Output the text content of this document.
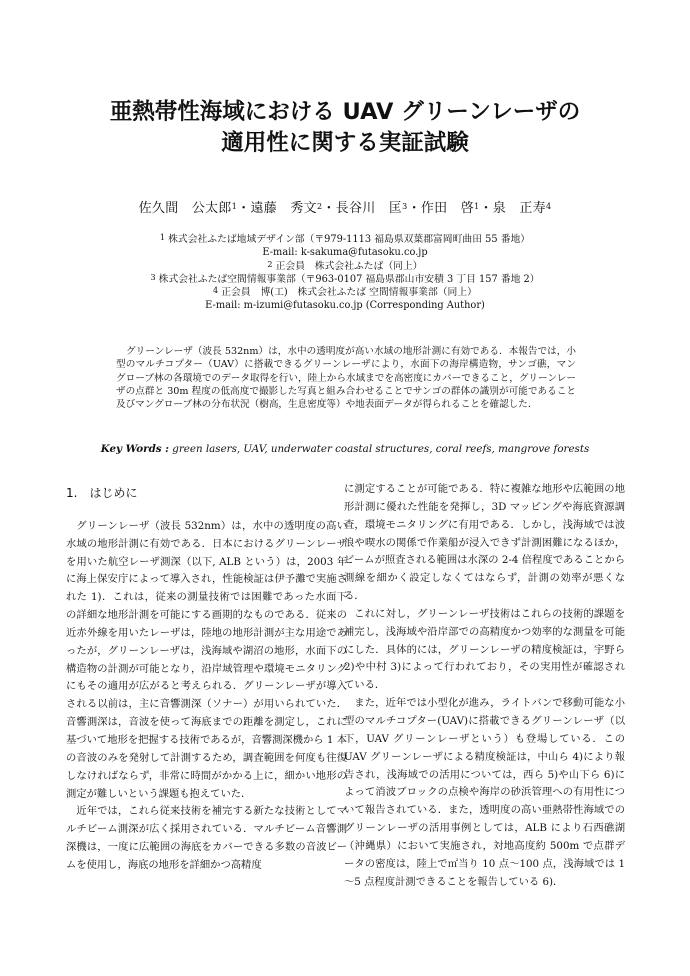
亜熱帯性海域における UAV グリーンレーザの
適用性に関する実証試験
佐久間　公太郎$^1$・遠藤　秀文$^2$・長谷川　匡$^3$・作田　啓$^1$・泉　正寿$^4$
$^1$ 株式会社ふたば地域デザイン部（〒979-1113 福島県双葉郡富岡町曲田 55 番地）
E-mail: k-sakuma@futasoku.co.jp
$^2$ 正会員　株式会社ふたば（同上）
$^3$ 株式会社ふたば空間情報事業部（〒963-0107 福島県郡山市安積 3 丁目 157 番地 2）
$^4$ 正会員　博(工)　株式会社ふたば 空間情報事業部（同上）
E-mail: m-izumi@futasoku.co.jp (Corresponding Author)
グリーンレーザ（波長 532nm）は，水中の透明度が高い水域の地形計測に有効である．本報告では，小型のマルチコプター（UAV）に搭載できるグリーンレーザにより，水面下の海岸構造物，サンゴ礁，マングローブ林の各環境でのデータ取得を行い，陸上から水域までを高密度にカバーできること，グリーンレーザの点群と 30m 程度の低高度で撮影した写真と組み合わせることでサンゴの群体の識別が可能であること及びマングローブ林の分布状況（樹高，生息密度等）や地表面データが得られることを確認した．
Key Words : green lasers, UAV, underwater coastal structures, coral reefs, mangrove forests
1. はじめに

グリーンレーザ（波長 532nm）は，水中の透明度の高い水域の地形計測に有効である．日本におけるグリーンレーザを用いた航空レーザ測深（以下, ALB という）は，2003 年に海上保安庁によって導入され，性能検証は伊予灘で実施された 1)．これは，従来の測量技術では困難であった水面下の詳細な地形計測を可能にする画期的なものである．従来の近赤外線を用いたレーザは，陸地の地形計測が主な用途であったが，グリーンレーザは，浅海域や湖沼の地形，水面下の構造物の計測が可能となり，沿岸域管理や環境モニタリングにもその適用が広がると考えられる．グリーンレーザが導入される以前は，主に音響測深（ソナー）が用いられていた．音響測深は，音波を使って海底までの距離を測定し，これに基づいて地形を把握する技術であるが，音響測深機から 1 本の音波のみを発射して計測するため，調査範囲を何度も往復しなければならず，非常に時間がかかる上に，細かい地形の測定が難しいという課題も抱えていた．

近年では，これら従来技術を補完する新たな技術としてマルチビーム測深が広く採用されている．マルチビーム音響測深機は，一度に広範囲の海底をカバーできる多数の音波ビームを使用し，海底の地形を詳細かつ高精度

に測定することが可能である．特に複雑な地形や広範囲の地形計測に優れた性能を発揮し，3D マッピングや海底資源調査，環境モニタリングに有用である．しかし，浅海域では波浪や喫水の関係で作業船が浸入できず計測困難になるほか，ビームが照査される範囲は水深の 2-4 倍程度であることから測線を細かく設定しなくてはならず，計測の効率が悪くなる．

これに対し，グリーンレーザ技術はこれらの技術的課題を補完し，浅海域や沿岸部での高精度かつ効率的な測量を可能にした．具体的には，グリーンレーザの精度検証は，宇野ら 2)や中村 3)によって行われており，その実用性が確認されている．

また，近年では小型化が進み，ライトバンで移動可能な小型のマルチコプター(UAV)に搭載できるグリーンレーザ（以下，UAV グリーンレーザという）も登場している．この UAV グリーンレーザによる精度検証は，中山ら 4)により報告され，浅海域での活用については，西ら 5)や山下ら 6)によって消波ブロックの点検や海岸の砂浜管理への有用性について報告されている．また，透明度の高い亜熱帯性海域でのグリーンレーザの活用事例としては，ALB により石西礁湖（沖縄県）において実施され，対地高度約 500m で点群データの密度は，陸上で㎡当り 10 点～100 点，浅海域では 1～5 点程度計測できることを報告している 6)．
